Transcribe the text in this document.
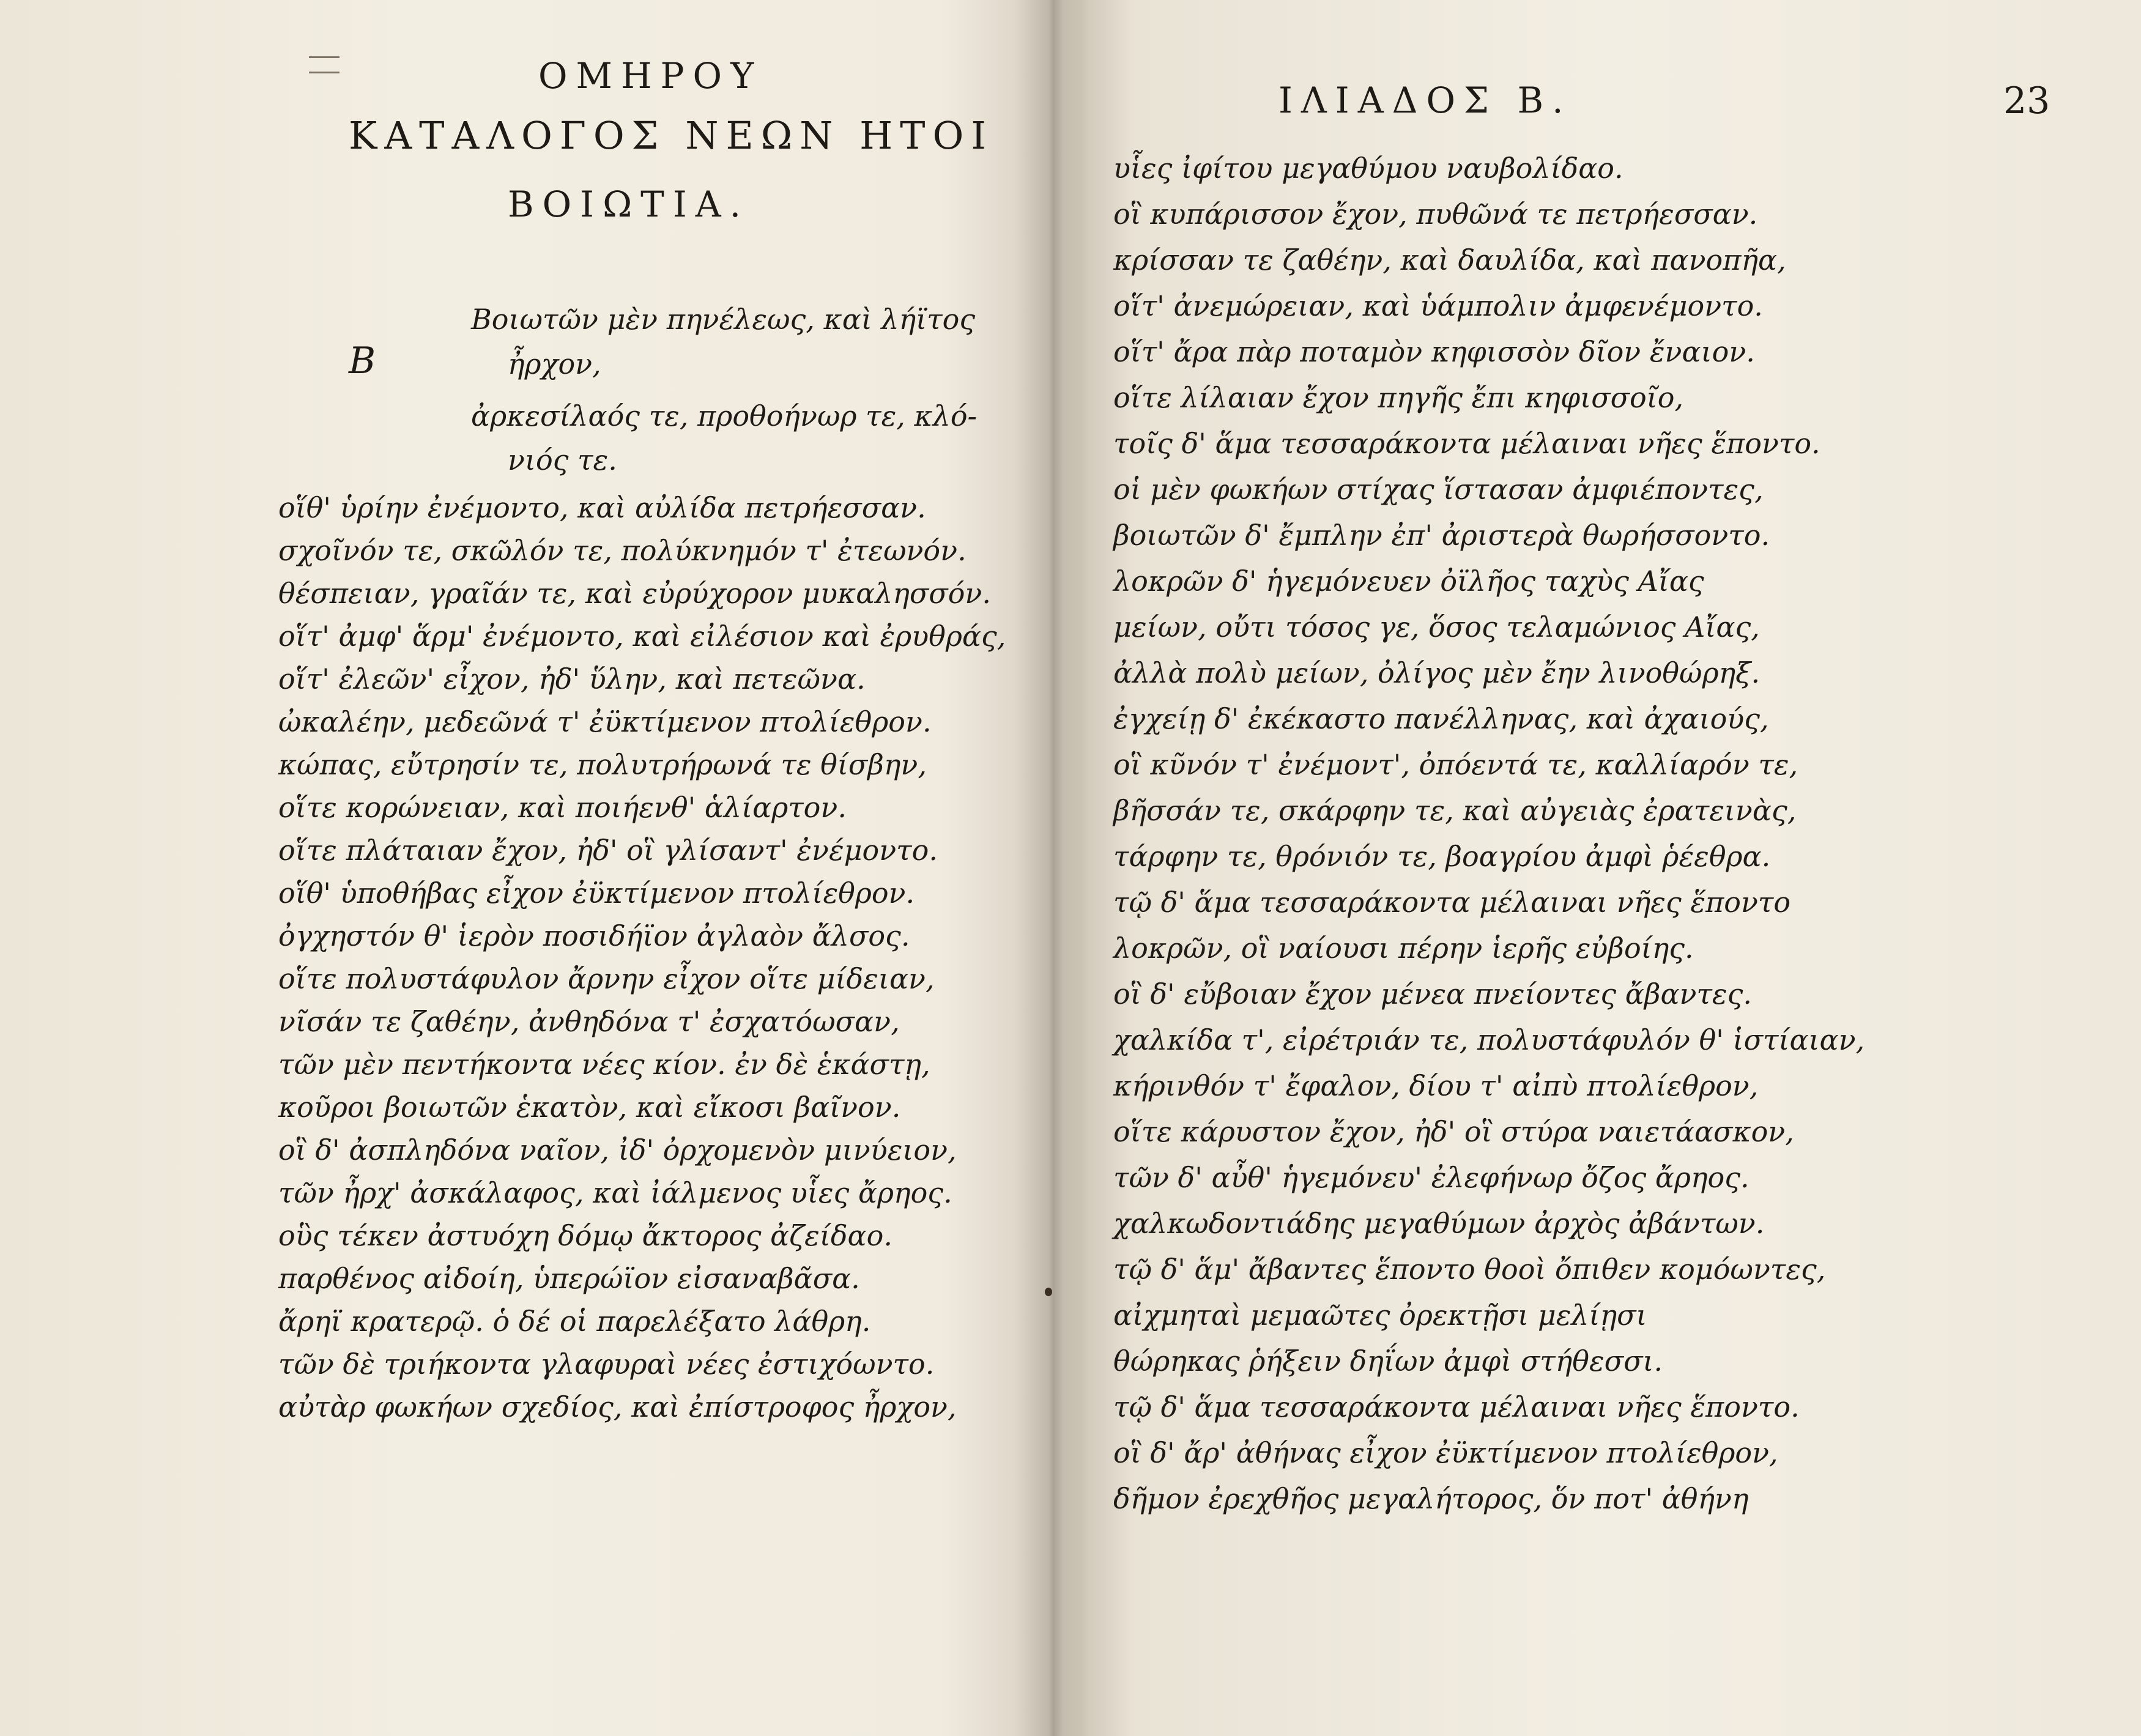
ΟΜΗΡΟΥ
ΚΑΤΑΛΟΓΟΣ ΝΕΩΝ ΗΤΟΙ
ΒΟΙΩΤΙΑ.
Β
Βοιωτῶν μὲν πηνέλεως, καὶ λήϊτος
ἦρχον,
ἀρκεσίλαός τε, προθοήνωρ τε, κλό-
νιός τε.
οἵθ' ὑρίην ἐνέμοντο, καὶ αὐλίδα πετρήεσσαν.
σχοῖνόν τε, σκῶλόν τε, πολύκνημόν τ' ἐτεωνόν.
θέσπειαν, γραῖάν τε, καὶ εὐρύχορον μυκαλησσόν.
οἵτ' ἀμφ' ἅρμ' ἐνέμοντο, καὶ εἰλέσιον καὶ ἐρυθράς,
οἵτ' ἐλεῶν' εἶχον, ἠδ' ὕλην, καὶ πετεῶνα.
ὠκαλέην, μεδεῶνά τ' ἐϋκτίμενον πτολίεθρον.
κώπας, εὔτρησίν τε, πολυτρήρωνά τε θίσβην,
οἵτε κορώνειαν, καὶ ποιήενθ' ἁλίαρτον.
οἵτε πλάταιαν ἔχον, ἠδ' οἳ γλίσαντ' ἐνέμοντο.
οἵθ' ὑποθήβας εἶχον ἐϋκτίμενον πτολίεθρον.
ὀγχηστόν θ' ἱερὸν ποσιδήϊον ἀγλαὸν ἄλσος.
οἵτε πολυστάφυλον ἄρνην εἶχον οἵτε μίδειαν,
νῖσάν τε ζαθέην, ἀνθηδόνα τ' ἐσχατόωσαν,
τῶν μὲν πεντήκοντα νέες κίον. ἐν δὲ ἑκάστῃ,
κοῦροι βοιωτῶν ἑκατὸν, καὶ εἴκοσι βαῖνον.
οἳ δ' ἀσπληδόνα ναῖον, ἰδ' ὀρχομενὸν μινύειον,
τῶν ἦρχ' ἀσκάλαφος, καὶ ἰάλμενος υἷες ἄρηος.
οὓς τέκεν ἀστυόχη δόμῳ ἄκτορος ἀζείδαο.
παρθένος αἰδοίη, ὑπερώϊον εἰσαναβᾶσα.
ἄρηϊ κρατερῷ. ὁ δέ οἱ παρελέξατο λάθρη.
τῶν δὲ τριήκοντα γλαφυραὶ νέες ἐστιχόωντο.
αὐτὰρ φωκήων σχεδίος, καὶ ἐπίστροφος ἦρχον,
ΙΛΙΑΔΟΣ Β.	23
υἷες ἰφίτου μεγαθύμου ναυβολίδαο.
οἳ κυπάρισσον ἔχον, πυθῶνά τε πετρήεσσαν.
κρίσσαν τε ζαθέην, καὶ δαυλίδα, καὶ πανοπῆα,
οἵτ' ἀνεμώρειαν, καὶ ὑάμπολιν ἀμφενέμοντο.
οἵτ' ἄρα πὰρ ποταμὸν κηφισσὸν δῖον ἔναιον.
οἵτε λίλαιαν ἔχον πηγῆς ἔπι κηφισσοῖο,
τοῖς δ' ἅμα τεσσαράκοντα μέλαιναι νῆες ἕποντο.
οἱ μὲν φωκήων στίχας ἵστασαν ἀμφιέποντες,
βοιωτῶν δ' ἔμπλην ἐπ' ἀριστερὰ θωρήσσοντο.
λοκρῶν δ' ἡγεμόνευεν ὀϊλῆος ταχὺς Αἴας
μείων, οὔτι τόσος γε, ὅσος τελαμώνιος Αἴας,
ἀλλὰ πολὺ μείων, ὀλίγος μὲν ἔην λινοθώρηξ.
ἐγχείῃ δ' ἐκέκαστο πανέλληνας, καὶ ἀχαιούς,
οἳ κῦνόν τ' ἐνέμοντ', ὀπόεντά τε, καλλίαρόν τε,
βῆσσάν τε, σκάρφην τε, καὶ αὐγειὰς ἐρατεινὰς,
τάρφην τε, θρόνιόν τε, βοαγρίου ἀμφὶ ῥέεθρα.
τῷ δ' ἅμα τεσσαράκοντα μέλαιναι νῆες ἕποντο
λοκρῶν, οἳ ναίουσι πέρην ἱερῆς εὐβοίης.
οἳ δ' εὔβοιαν ἔχον μένεα πνείοντες ἄβαντες.
χαλκίδα τ', εἰρέτριάν τε, πολυστάφυλόν θ' ἱστίαιαν,
κήρινθόν τ' ἔφαλον, δίου τ' αἰπὺ πτολίεθρον,
οἵτε κάρυστον ἔχον, ἠδ' οἳ στύρα ναιετάασκον,
τῶν δ' αὖθ' ἡγεμόνευ' ἐλεφήνωρ ὄζος ἄρηος.
χαλκωδοντιάδης μεγαθύμων ἀρχὸς ἀβάντων.
τῷ δ' ἅμ' ἄβαντες ἕποντο θοοὶ ὄπιθεν κομόωντες,
αἰχμηταὶ μεμαῶτες ὀρεκτῇσι μελίῃσι
θώρηκας ῥήξειν δηΐων ἀμφὶ στήθεσσι.
τῷ δ' ἅμα τεσσαράκοντα μέλαιναι νῆες ἕποντο.
οἳ δ' ἄρ' ἀθήνας εἶχον ἐϋκτίμενον πτολίεθρον,
δῆμον ἐρεχθῆος μεγαλήτορος, ὅν ποτ' ἀθήνη
